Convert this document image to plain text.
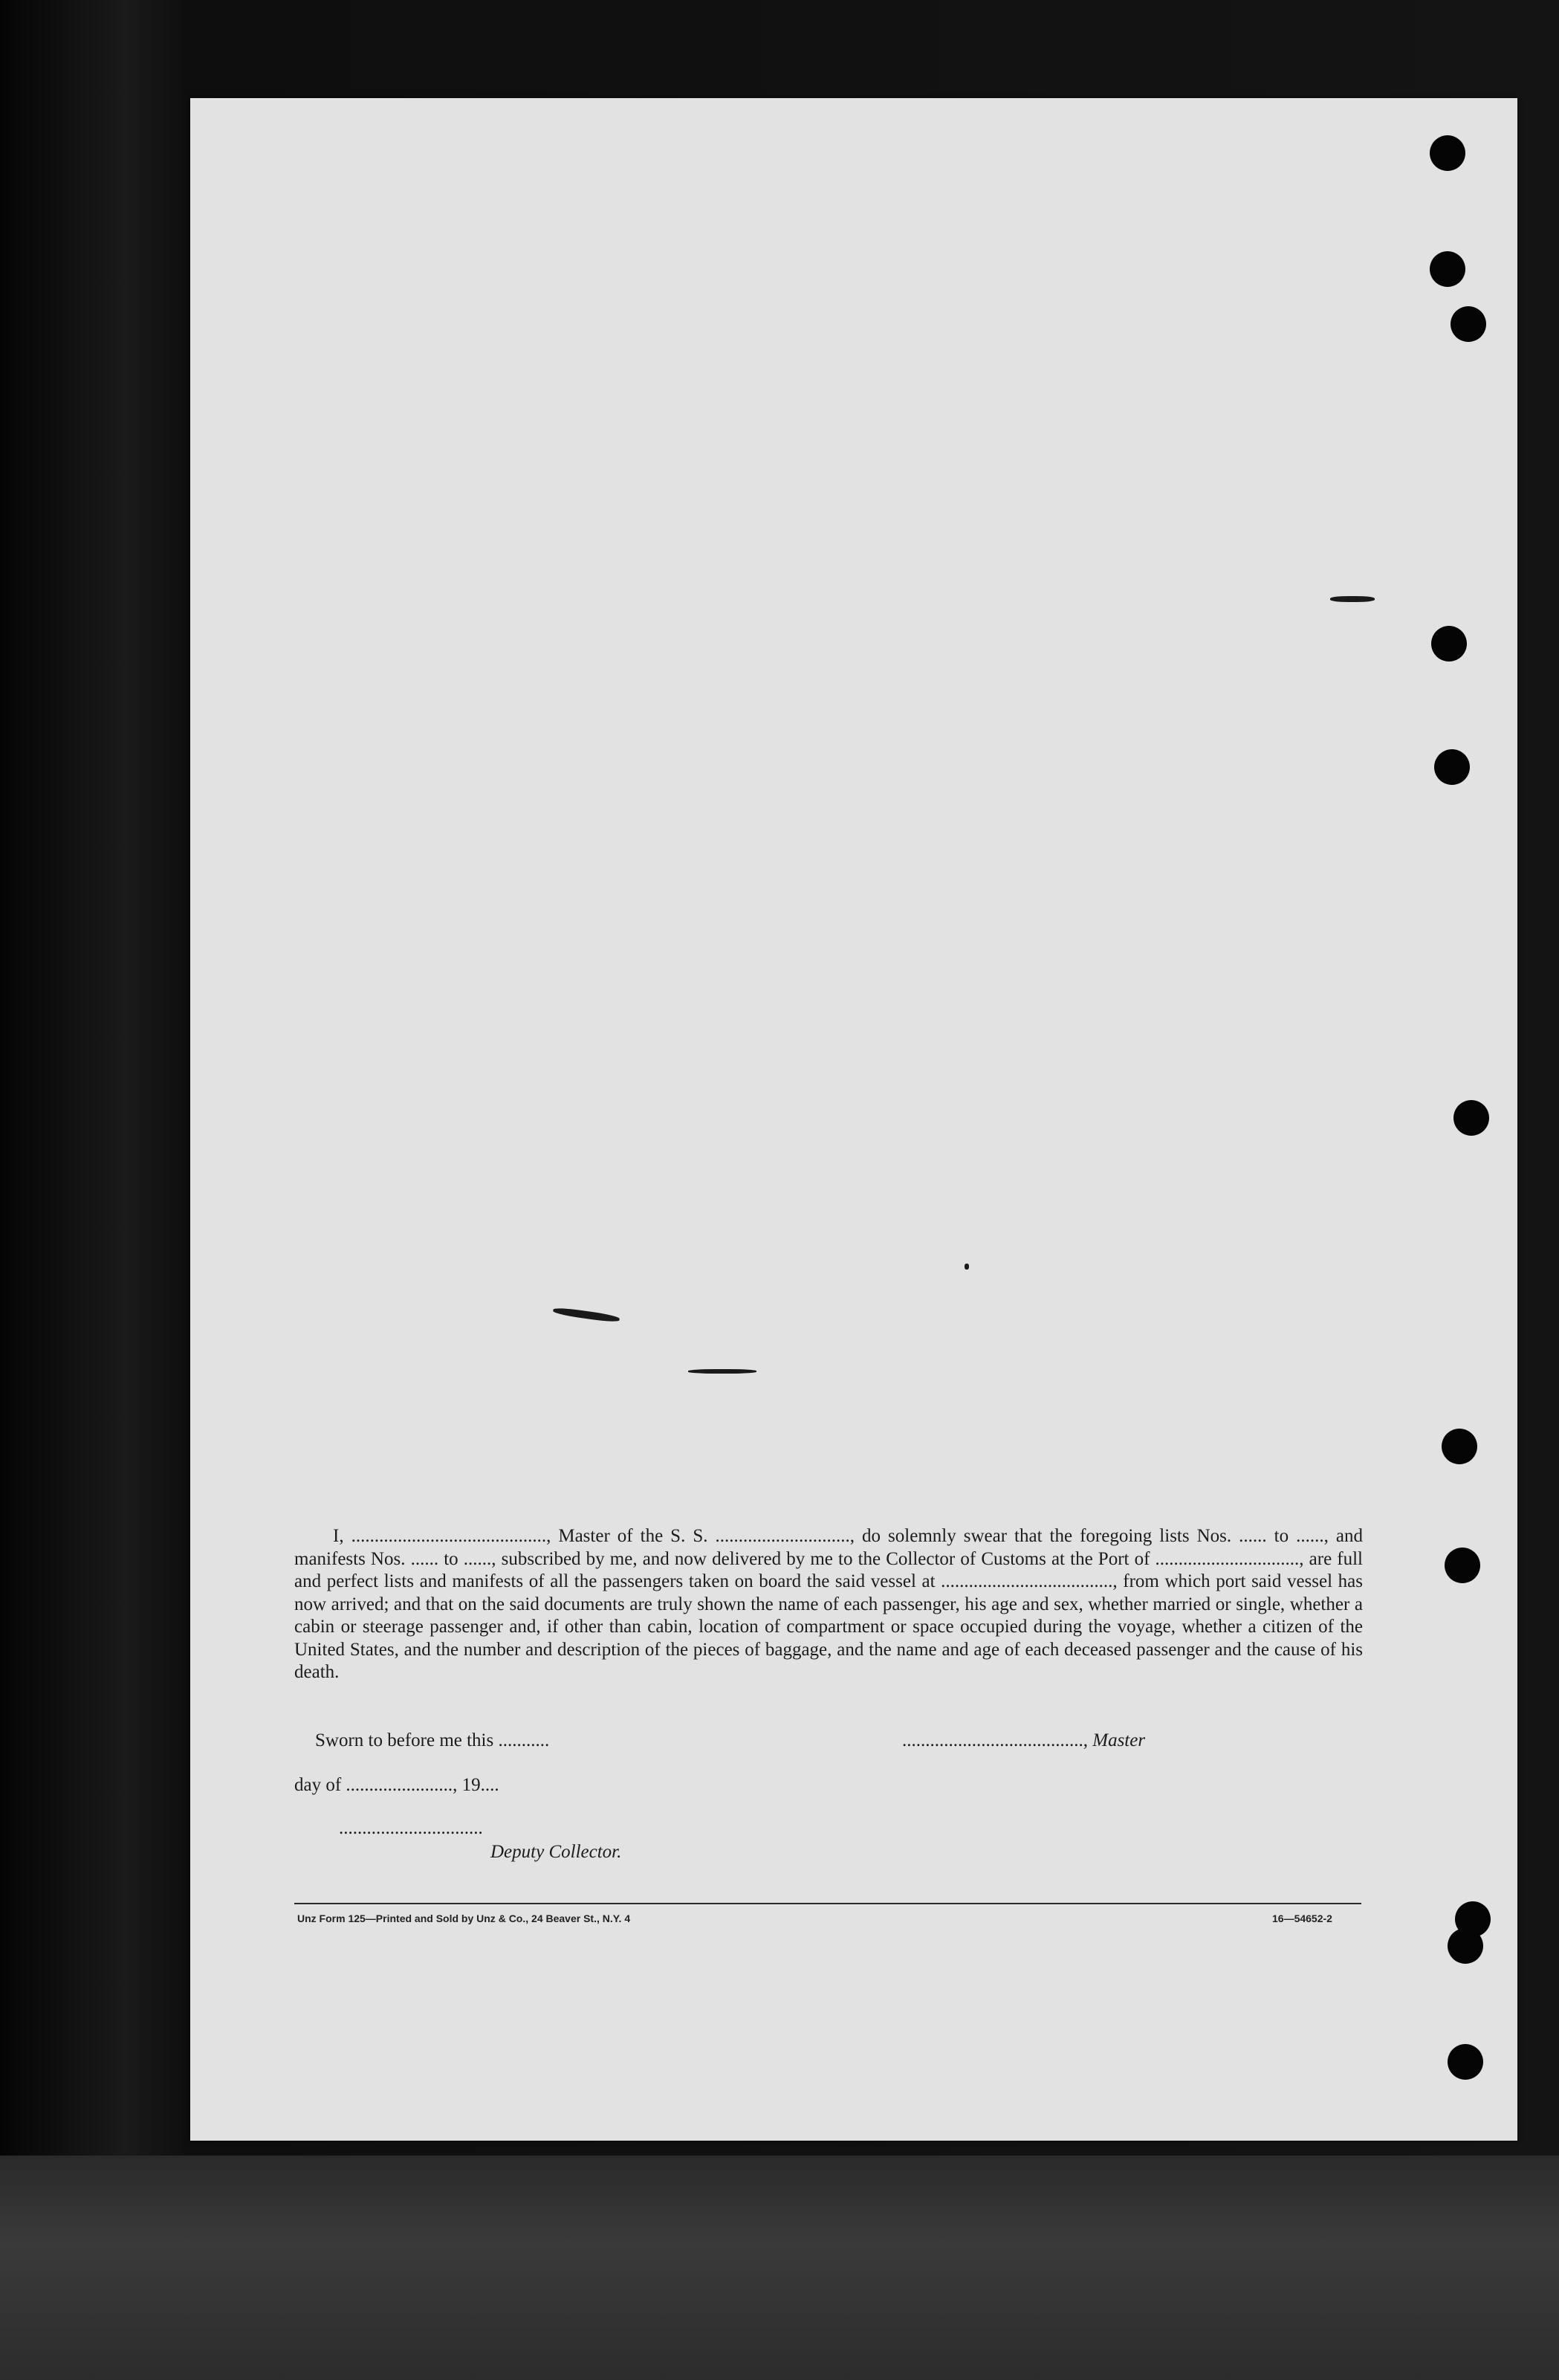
I, .........................................., Master of the S. S. ............................., do solemnly swear that the foregoing lists Nos. ...... to ......, and manifests Nos. ...... to ......, subscribed by me, and now delivered by me to the Collector of Customs at the Port of ..............................., are full and perfect lists and manifests of all the passengers taken on board the said vessel at ....................................., from which port said vessel has now arrived; and that on the said documents are truly shown the name of each passenger, his age and sex, whether married or single, whether a cabin or steerage passenger and, if other than cabin, location of compartment or space occupied during the voyage, whether a citizen of the United States, and the number and description of the pieces of baggage, and the name and age of each deceased passenger and the cause of his death.

Sworn to before me this ...........	......................................., Master
day of ......................., 19....
...............................
Deputy Collector.
Unz Form 125—Printed and Sold by Unz & Co., 24 Beaver St., N.Y. 4	16—54652-2
